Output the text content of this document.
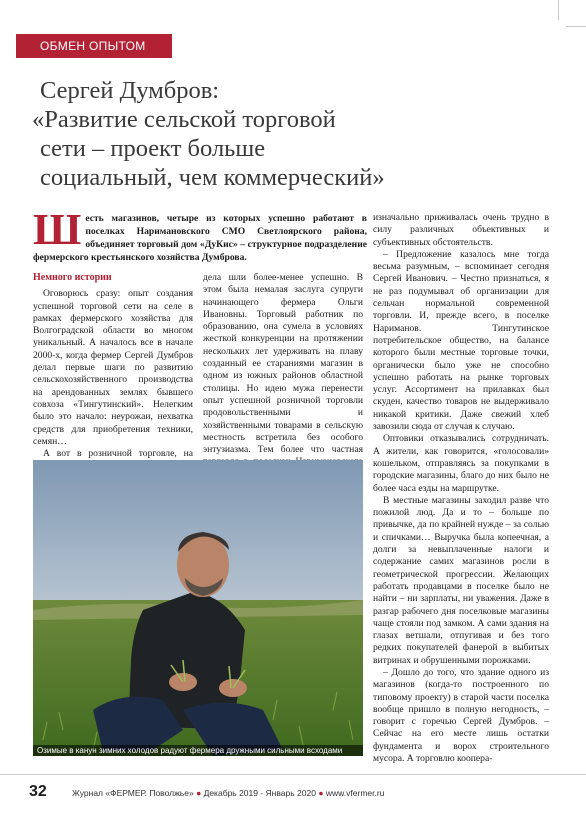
ОБМЕН ОПЫТОМ
Сергей Думбров:
«Развитие сельской торговой
сети – проект больше
социальный, чем коммерческий»
Ш есть магазинов, четыре из которых успешно работают в поселках Наримановского СМО Светлоярского района, объединяет торговый дом «ДуКис» – структурное подразделение фермерского крестьянского хозяйства Думброва.

Немного истории

Оговорюсь сразу: опыт создания успешной торговой сети на селе в рамках фермерского хозяйства для Волгоградской области во многом уникальный. А началось все в начале 2000-х, когда фермер Сергей Думбров делал первые шаги по развитию сельскохозяйственного производства на арендованных землях бывшего совхоза «Тингутинский». Нелегким было это начало: неурожаи, нехватка средств для приобретения техники, семян…

А вот в розничной торговле, на

дела шли более-менее успешно. В этом была немалая заслуга супруги начинающего фермера Ольги Ивановны. Торговый работник по образованию, она сумела в условиях жесткой конкуренции на протяжении нескольких лет удерживать на плаву созданный ее стараниями магазин в одном из южных районов областной столицы. Но идею мужа перенести опыт успешной розничной торговли продовольственными и хозяйственными товарами в сельскую местность встретила без особого энтузиазма. Тем более что частная

изначально приживалась очень трудно в силу различных объективных и субъективных обстоятельств.

– Предложение казалось мне тогда весьма разумным, – вспоминает сегодня Сергей Иванович. – Честно признаться, я не раз подумывал об организации для сельчан нормальной современной торговли. И, прежде всего, в поселке Нариманов. Тингутинское потребительское общество, на балансе которого были местные торговые точки, органически было уже не способно успешно работать на рынке торговых услуг. Ассортимент на прилавках был скуден, качество товаров не выдерживало никакой критики. Даже свежий хлеб завозили сюда от случая к случаю.

Оптовики отказывались сотрудничать. А жители, как говорится, «голосовали» кошельком, отправляясь за покупками в городские магазины, благо до них было не более часа езды на маршрутке.

В местные магазины заходил разве что пожилой люд. Да и то – больше по привычке, да по крайней нужде – за солью и спичками… Выручка была копеечная, а долги за невыплаченные налоги и содержание самих магазинов росли в геометрической прогрессии. Желающих работать продавцами в поселке было не найти – ни зарплаты, ни уважения. Даже в разгар рабочего дня поселковые магазины чаще стояли под замком. А сами здания на глазах ветшали, отпугивая и без того редких покупателей фанерой в выбитых витринах и обрушенными порожками.

– Дошло до того, что здание одного из магазинов (когда-то построенного по типовому проекту) в старой части поселка вообще пришло в полную негодность, – говорит с горечью Сергей Думбров. – Сейчас на его месте лишь остатки фундамента и ворох строительного мусора. А торговлю коопера-

Озимые в канун зимних холодов радуют фермера дружными сильными всходами
32	Журнал «ФЕРМЕР. Поволжье» ● Декабрь 2019 - Январь 2020 ● www.vfermer.ru
